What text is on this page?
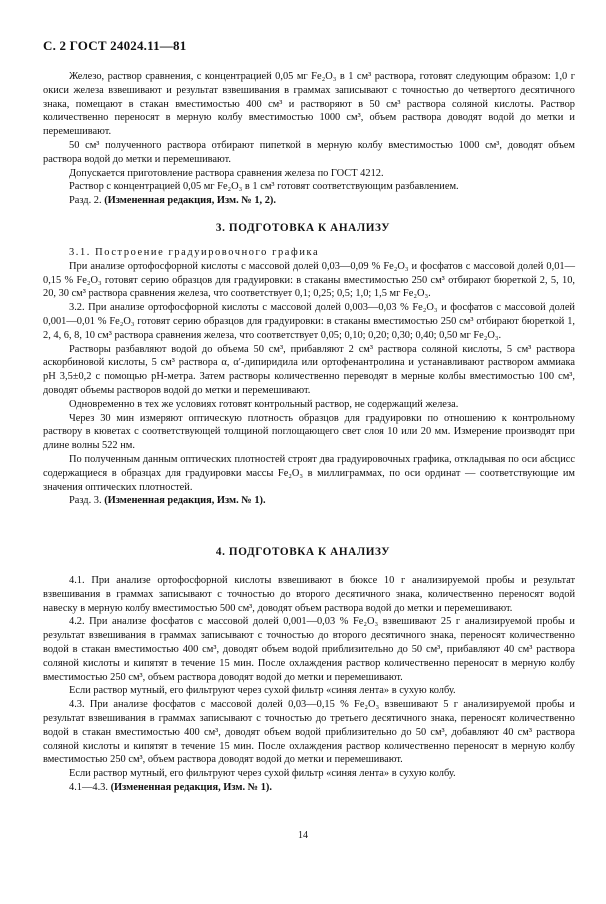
С. 2 ГОСТ 24024.11—81

Железо, раствор сравнения, с концентрацией 0,05 мг Fe₂O₃ в 1 см³ раствора, готовят следующим образом: 1,0 г окиси железа взвешивают и результат взвешивания в граммах записывают с точностью до четвертого десятичного знака, помещают в стакан вместимостью 400 см³ и растворяют в 50 см³ раствора соляной кислоты. Раствор количественно переносят в мерную колбу вместимостью 1000 см³, объем раствора доводят водой до метки и перемешивают.

50 см³ полученного раствора отбирают пипеткой в мерную колбу вместимостью 1000 см³, доводят объем раствора водой до метки и перемешивают.

Допускается приготовление раствора сравнения железа по ГОСТ 4212.

Раствор с концентрацией 0,05 мг Fe₂O₃ в 1 см³ готовят соответствующим разбавлением.

Разд. 2. (Измененная редакция, Изм. № 1, 2).

3. ПОДГОТОВКА К АНАЛИЗУ

3.1. Построение градуировочного графика

При анализе ортофосфорной кислоты с массовой долей 0,03—0,09 % Fe₂O₃ и фосфатов с массовой долей 0,01—0,15 % Fe₂O₃ готовят серию образцов для градуировки: в стаканы вместимостью 250 см³ отбирают бюреткой 2, 5, 10, 20, 30 см³ раствора сравнения железа, что соответствует 0,1; 0,25; 0,5; 1,0; 1,5 мг Fe₂O₃.

3.2. При анализе ортофосфорной кислоты с массовой долей 0,003—0,03 % Fe₂O₃ и фосфатов с массовой долей 0,001—0,01 % Fe₂O₃ готовят серию образцов для градуировки: в стаканы вместимостью 250 см³ отбирают бюреткой 1, 2, 4, 6, 8, 10 см³ раствора сравнения железа, что соответствует 0,05; 0,10; 0,20; 0,30; 0,40; 0,50 мг Fe₂O₃.

Растворы разбавляют водой до объема 50 см³, прибавляют 2 см³ раствора соляной кислоты, 5 см³ раствора аскорбиновой кислоты, 5 см³ раствора α, α′-дипиридила или ортофенантролина и устанавливают раствором аммиака рН 3,5±0,2 с помощью рН-метра. Затем растворы количественно переводят в мерные колбы вместимостью 100 см³, доводят объемы растворов водой до метки и перемешивают.

Одновременно в тех же условиях готовят контрольный раствор, не содержащий железа.

Через 30 мин измеряют оптическую плотность образцов для градуировки по отношению к контрольному раствору в кюветах с соответствующей толщиной поглощающего свет слоя 10 или 20 мм. Измерение производят при длине волны 522 нм.

По полученным данным оптических плотностей строят два градуировочных графика, откладывая по оси абсцисс содержащиеся в образцах для градуировки массы Fe₂O₃ в миллиграммах, по оси ординат — соответствующие им значения оптических плотностей.

Разд. 3. (Измененная редакция, Изм. № 1).

4. ПОДГОТОВКА К АНАЛИЗУ

4.1. При анализе ортофосфорной кислоты взвешивают в бюксе 10 г анализируемой пробы и результат взвешивания в граммах записывают с точностью до второго десятичного знака, количественно переносят водой навеску в мерную колбу вместимостью 500 см³, доводят объем раствора водой до метки и перемешивают.

4.2. При анализе фосфатов с массовой долей 0,001—0,03 % Fe₂O₃ взвешивают 25 г анализируемой пробы и результат взвешивания в граммах записывают с точностью до второго десятичного знака, переносят количественно водой в стакан вместимостью 400 см³, доводят объем водой приблизительно до 50 см³, прибавляют 40 см³ раствора соляной кислоты и кипятят в течение 15 мин. После охлаждения раствор количественно переносят в мерную колбу вместимостью 250 см³, объем раствора доводят водой до метки и перемешивают.

Если раствор мутный, его фильтруют через сухой фильтр «синяя лента» в сухую колбу.

4.3. При анализе фосфатов с массовой долей 0,03—0,15 % Fe₂O₃ взвешивают 5 г анализируемой пробы и результат взвешивания в граммах записывают с точностью до третьего десятичного знака, переносят количественно водой в стакан вместимостью 400 см³, доводят объем водой приблизительно до 50 см³, добавляют 40 см³ раствора соляной кислоты и кипятят в течение 15 мин. После охлаждения раствор количественно переносят в мерную колбу вместимостью 250 см³, объем раствора доводят водой до метки и перемешивают.

Если раствор мутный, его фильтруют через сухой фильтр «синяя лента» в сухую колбу.

4.1—4.3. (Измененная редакция, Изм. № 1).

14
